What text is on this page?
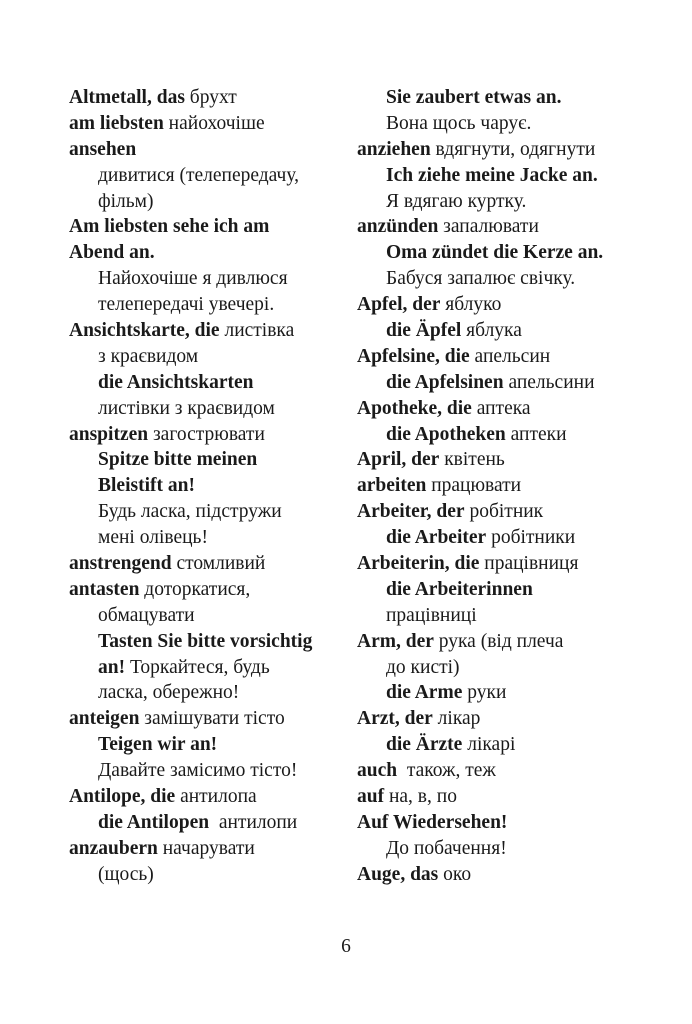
Altmetall, das брухт
am liebsten найохочіше
ansehen
дивитися (телепередачу,
фільм)
Am liebsten sehe ich am
Abend an.
Найохочіше я дивлюся
телепередачі увечері.
Ansichtskarte, die листівка
з краєвидом
die Ansichtskarten
листівки з краєвидом
anspitzen загострювати
Spitze bitte meinen
Bleistift an!
Будь ласка, підстружи
мені олівець!
anstrengend стомливий
antasten доторкатися,
обмацувати
Tasten Sie bitte vorsichtig
an! Торкайтеся, будь
ласка, обережно!
anteigen замішувати тісто
Teigen wir an!
Давайте замісимо тісто!
Antilope, die антилопа
die Antilopen  антилопи
anzaubern начарувати
(щось)
Sie zaubert etwas an.
Вона щось чарує.
anziehen вдягнути, одягнути
Ich ziehe meine Jacke an.
Я вдягаю куртку.
anzünden запалювати
Oma zündet die Kerze an.
Бабуся запалює свічку.
Apfel, der яблуко
die Äpfel яблука
Apfelsine, die апельсин
die Apfelsinen апельсини
Apotheke, die аптека
die Apotheken аптеки
April, der квітень
arbeiten працювати
Arbeiter, der робітник
die Arbeiter робітники
Arbeiterin, die працівниця
die Arbeiterinnen
працівниці
Arm, der рука (від плеча
до кисті)
die Arme руки
Arzt, der лікар
die Ärzte лікарі
auch  також, теж
auf на, в, по
Auf Wiedersehen!
До побачення!
Auge, das око
6
